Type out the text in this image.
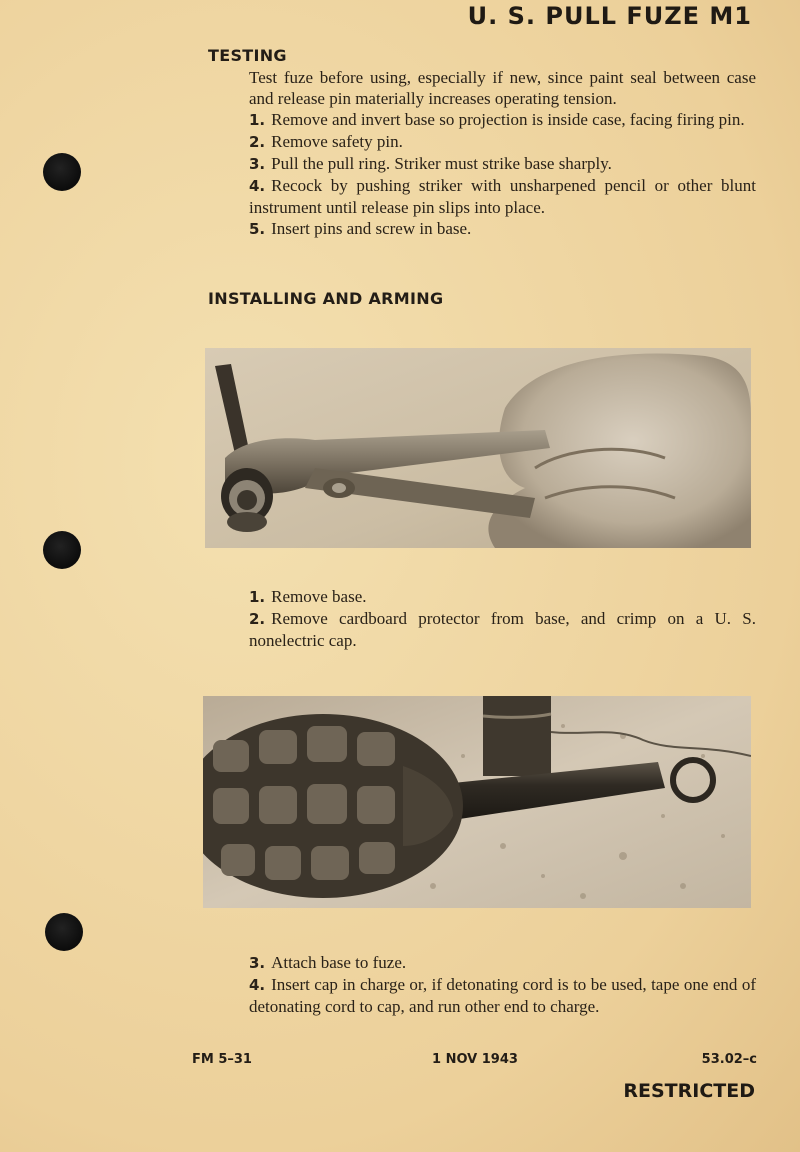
U. S. PULL FUZE M1
TESTING
Test fuze before using, especially if new, since paint seal between case and release pin materially increases operating tension.
1. Remove and invert base so projection is inside case, facing firing pin.
2. Remove safety pin.
3. Pull the pull ring. Striker must strike base sharply.
4. Recock by pushing striker with unsharpened pencil or other blunt instrument until release pin slips into place.
5. Insert pins and screw in base.
INSTALLING AND ARMING
1. Remove base.
2. Remove cardboard protector from base, and crimp on a U. S. nonelectric cap.
3. Attach base to fuze.
4. Insert cap in charge or, if detonating cord is to be used, tape one end of detonating cord to cap, and run other end to charge.
FM 5–31	1 NOV 1943	53.02–c
RESTRICTED
